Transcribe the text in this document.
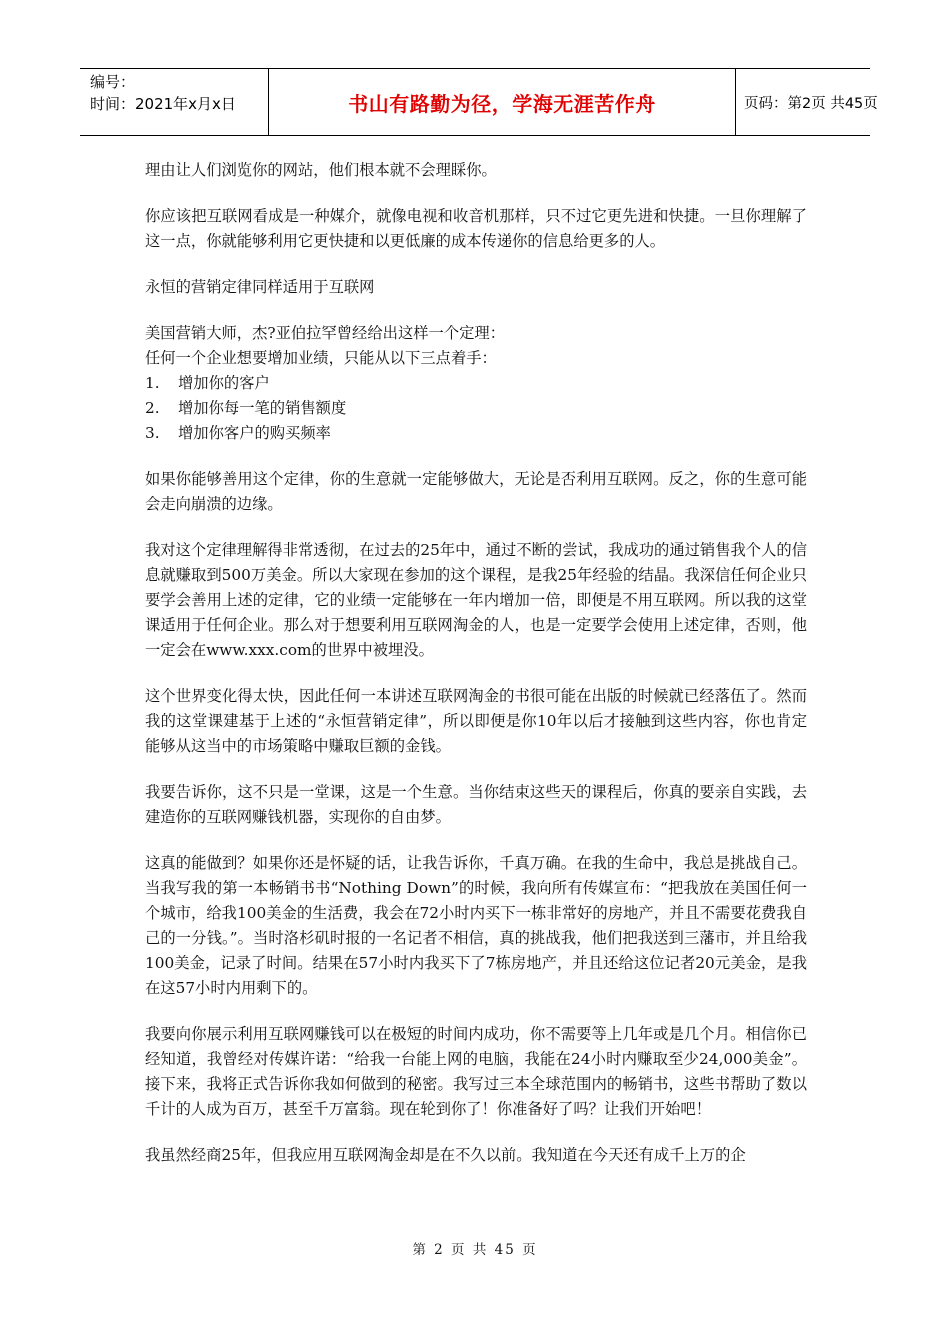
编号：
时间：2021年x月x日	书山有路勤为径，学海无涯苦作舟	页码：第2页 共45页

理由让人们浏览你的网站，他们根本就不会理睬你。

你应该把互联网看成是一种媒介，就像电视和收音机那样，只不过它更先进和快捷。一旦你理解了这一点，你就能够利用它更快捷和以更低廉的成本传递你的信息给更多的人。

永恒的营销定律同样适用于互联网

美国营销大师，杰?亚伯拉罕曾经给出这样一个定理：

任何一个企业想要增加业绩，只能从以下三点着手：

1. 增加你的客户
2. 增加你每一笔的销售额度
3. 增加你客户的购买频率

如果你能够善用这个定律，你的生意就一定能够做大，无论是否利用互联网。反之，你的生意可能会走向崩溃的边缘。

我对这个定律理解得非常透彻，在过去的25年中，通过不断的尝试，我成功的通过销售我个人的信息就赚取到500万美金。所以大家现在参加的这个课程，是我25年经验的结晶。我深信任何企业只要学会善用上述的定律，它的业绩一定能够在一年内增加一倍，即便是不用互联网。所以我的这堂课适用于任何企业。那么对于想要利用互联网淘金的人，也是一定要学会使用上述定律，否则，他一定会在www.xxx.com的世界中被埋没。

这个世界变化得太快，因此任何一本讲述互联网淘金的书很可能在出版的时候就已经落伍了。然而我的这堂课建基于上述的“永恒营销定律”，所以即便是你10年以后才接触到这些内容，你也肯定能够从这当中的市场策略中赚取巨额的金钱。

我要告诉你，这不只是一堂课，这是一个生意。当你结束这些天的课程后，你真的要亲自实践，去建造你的互联网赚钱机器，实现你的自由梦。

这真的能做到？如果你还是怀疑的话，让我告诉你，千真万确。在我的生命中，我总是挑战自己。当我写我的第一本畅销书书“Nothing Down”的时候，我向所有传媒宣布：“把我放在美国任何一个城市，给我100美金的生活费，我会在72小时内买下一栋非常好的房地产，并且不需要花费我自己的一分钱。”。当时洛杉矶时报的一名记者不相信，真的挑战我，他们把我送到三藩市，并且给我100美金，记录了时间。结果在57小时内我买下了7栋房地产，并且还给这位记者20元美金，是我在这57小时内用剩下的。

我要向你展示利用互联网赚钱可以在极短的时间内成功，你不需要等上几年或是几个月。相信你已经知道，我曾经对传媒许诺：“给我一台能上网的电脑，我能在24小时内赚取至少24,000美金”。接下来，我将正式告诉你我如何做到的秘密。我写过三本全球范围内的畅销书，这些书帮助了数以千计的人成为百万，甚至千万富翁。现在轮到你了！你准备好了吗？让我们开始吧！

我虽然经商25年，但我应用互联网淘金却是在不久以前。我知道在今天还有成千上万的企

第 2 页 共 45 页
